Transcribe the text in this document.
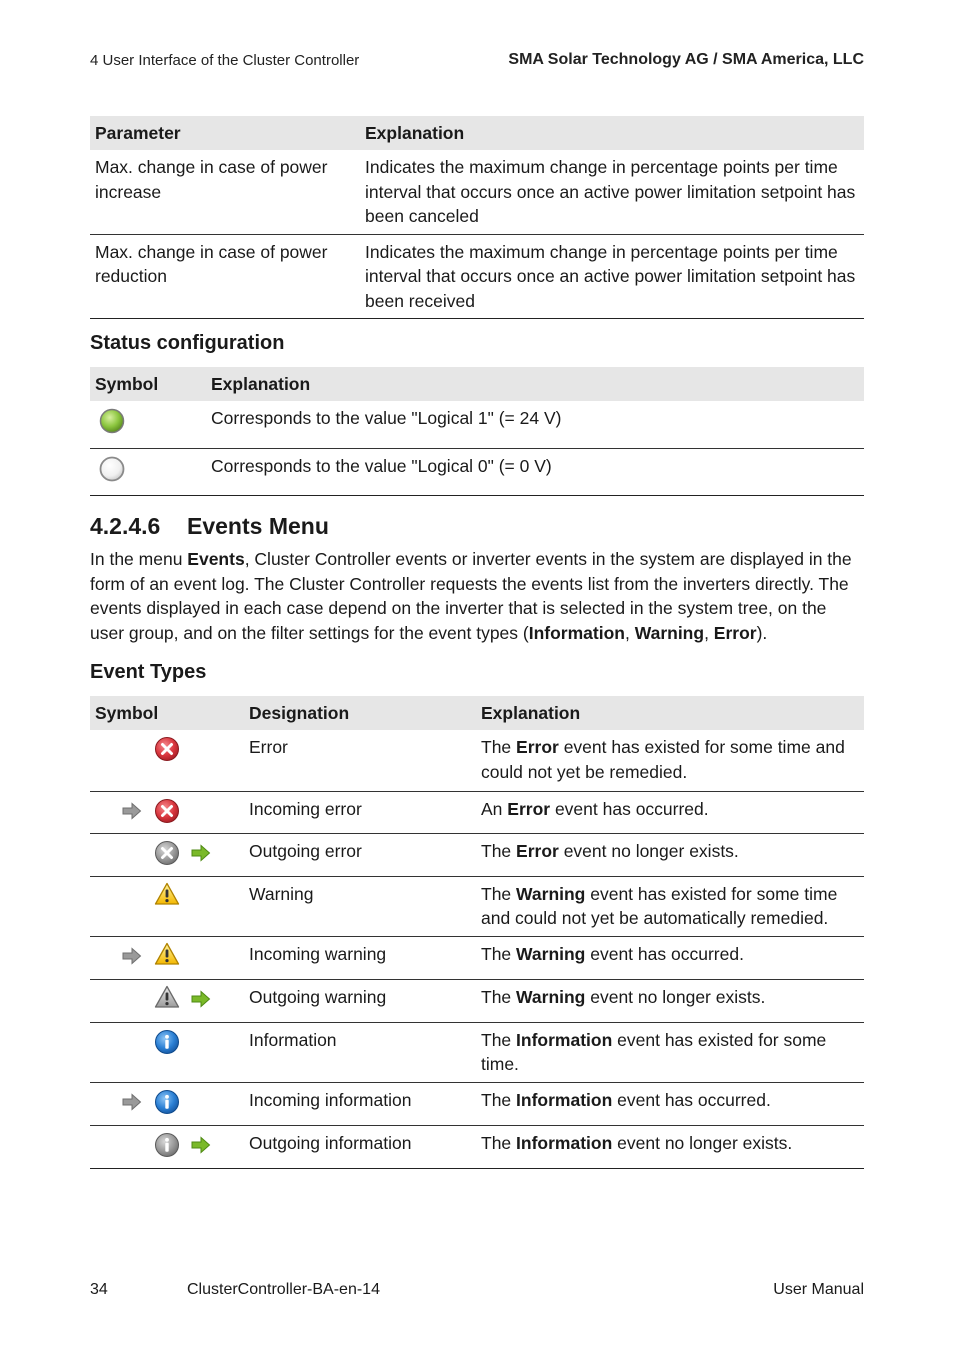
4 User Interface of the Cluster Controller	SMA Solar Technology AG / SMA America, LLC
Parameter	Explanation
Max. change in case of power increase	Indicates the maximum change in percentage points per time interval that occurs once an active power limitation setpoint has been canceled
Max. change in case of power reduction	Indicates the maximum change in percentage points per time interval that occurs once an active power limitation setpoint has been received
Status configuration
Symbol	Explanation
	Corresponds to the value "Logical 1" (= 24 V)
	Corresponds to the value "Logical 0" (= 0 V)
4.2.4.6 Events Menu
In the menu Events, Cluster Controller events or inverter events in the system are displayed in the form of an event log. The Cluster Controller requests the events list from the inverters directly. The events displayed in each case depend on the inverter that is selected in the system tree, on the user group, and on the filter settings for the event types (Information, Warning, Error).
Event Types
Symbol	Designation	Explanation

	Error	The Error event has existed for some time and could not yet be remedied.

	Incoming error	An Error event has occurred.

	Outgoing error	The Error event no longer exists.

	Warning	The Warning event has existed for some time and could not yet be automatically remedied.

	Incoming warning	The Warning event has occurred.

	Outgoing warning	The Warning event no longer exists.

	Information	The Information event has existed for some time.

	Incoming information	The Information event has occurred.

	Outgoing information	The Information event no longer exists.
34	ClusterController-BA-en-14	User Manual
